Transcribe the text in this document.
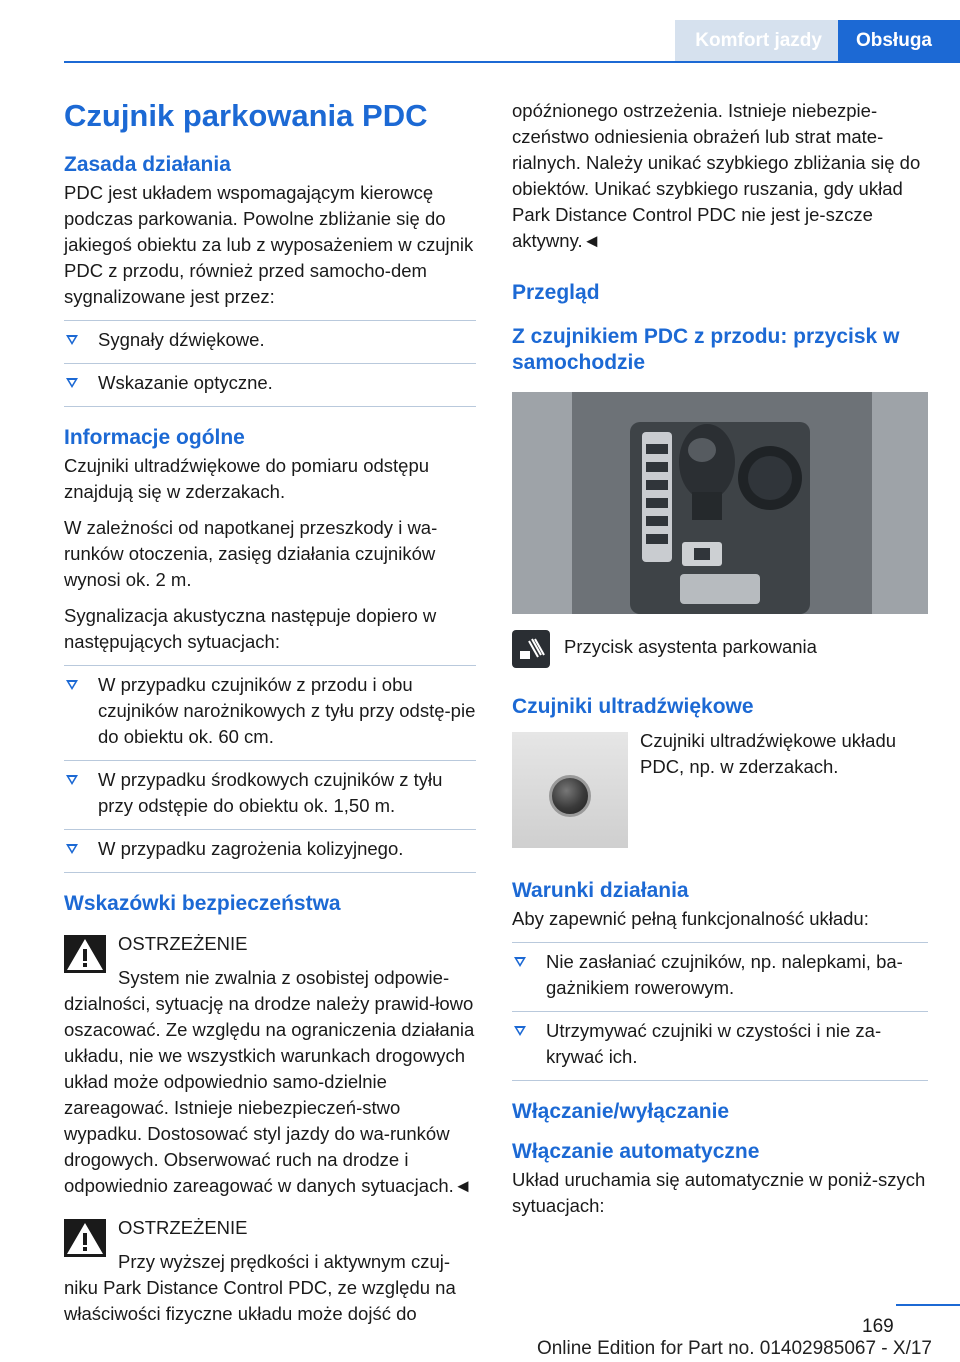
Komfort jazdy	Obsługa
Czujnik parkowania PDC
Zasada działania

PDC jest układem wspomagającym kierowcę podczas parkowania. Powolne zbliżanie się do jakiegoś obiektu za lub z wyposażeniem w czujnik PDC z przodu, również przed samocho-dem sygnalizowane jest przez:

Sygnały dźwiękowe.
Wskazanie optyczne.
Informacje ogólne

Czujniki ultradźwiękowe do pomiaru odstępu znajdują się w zderzakach.

W zależności od napotkanej przeszkody i wa-runków otoczenia, zasięg działania czujników wynosi ok. 2 m.

Sygnalizacja akustyczna następuje dopiero w następujących sytuacjach:

W przypadku czujników z przodu i obu czujników narożnikowych z tyłu przy odstę-pie do obiektu ok. 60 cm.
W przypadku środkowych czujników z tyłu przy odstępie do obiektu ok. 1,50 m.
W przypadku zagrożenia kolizyjnego.
Wskazówki bezpieczeństwa
OSTRZEŻENIE

System nie zwalnia z osobistej odpowie-dzialności, sytuację na drodze należy prawid-łowo oszacować. Ze względu na ograniczenia działania układu, nie we wszystkich warunkach drogowych układ może odpowiednio samo-dzielnie zareagować. Istnieje niebezpieczeń-stwo wypadku. Dostosować styl jazdy do wa-runków drogowych. Obserwować ruch na drodze i odpowiednio zareagować w danych sytuacjach.◄

OSTRZEŻENIE

Przy wyższej prędkości i aktywnym czuj-niku Park Distance Control PDC, ze względu na właściwości fizyczne układu może dojść do

opóźnionego ostrzeżenia. Istnieje niebezpie-czeństwo odniesienia obrażeń lub strat mate-rialnych. Należy unikać szybkiego zbliżania się do obiektów. Unikać szybkiego ruszania, gdy układ Park Distance Control PDC nie jest je-szcze aktywny.◄

Przegląd
Z czujnikiem PDC z przodu: przycisk w samochodzie

Przycisk asystenta parkowania

Czujniki ultradźwiękowe

Czujniki ultradźwiękowe układu PDC, np. w zderzakach.

Warunki działania

Aby zapewnić pełną funkcjonalność układu:

Nie zasłaniać czujników, np. nalepkami, ba-gażnikiem rowerowym.
Utrzymywać czujniki w czystości i nie za-krywać ich.
Włączanie/wyłączanie
Włączanie automatyczne

Układ uruchamia się automatycznie w poniż-szych sytuacjach:

169
Online Edition for Part no. 01402985067 - X/17
